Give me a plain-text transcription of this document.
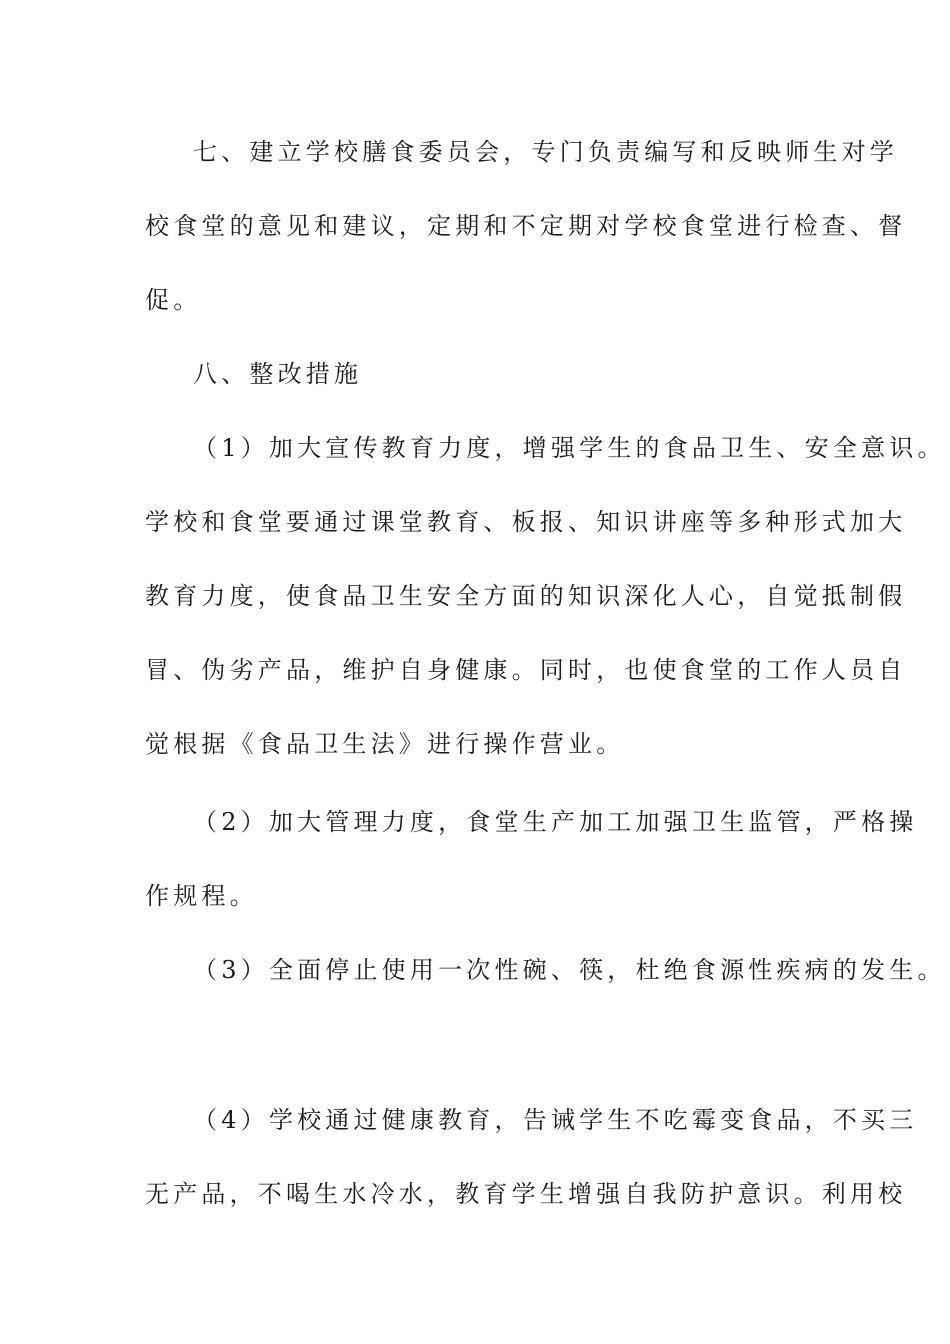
七、建立学校膳食委员会，专门负责编写和反映师生对学
校食堂的意见和建议，定期和不定期对学校食堂进行检查、督
促。
八、整改措施
（1）加大宣传教育力度，增强学生的食品卫生、安全意识。
学校和食堂要通过课堂教育、板报、知识讲座等多种形式加大
教育力度，使食品卫生安全方面的知识深化人心，自觉抵制假
冒、伪劣产品，维护自身健康。同时，也使食堂的工作人员自
觉根据《食品卫生法》进行操作营业。
（2）加大管理力度，食堂生产加工加强卫生监管，严格操
作规程。
（3）全面停止使用一次性碗、筷，杜绝食源性疾病的发生。
（4）学校通过健康教育，告诫学生不吃霉变食品，不买三
无产品，不喝生水冷水，教育学生增强自我防护意识。利用校
